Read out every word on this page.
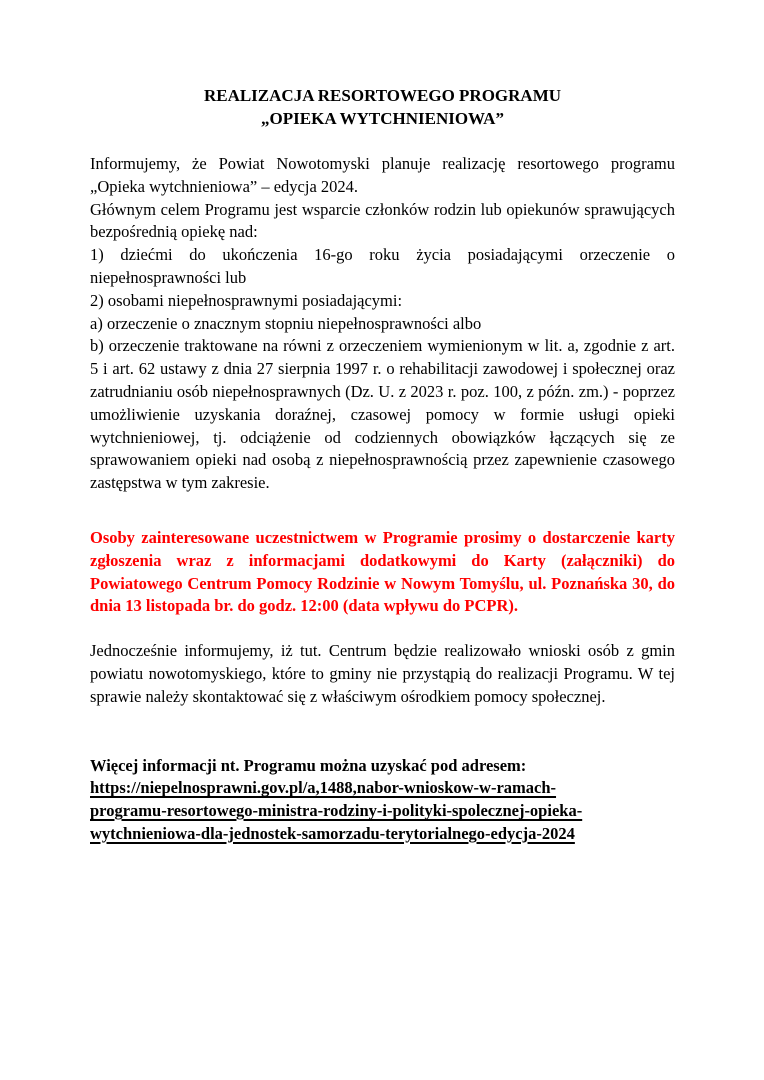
REALIZACJA RESORTOWEGO PROGRAMU
„OPIEKA WYTCHNIENIOWA”

Informujemy, że Powiat Nowotomyski planuje realizację resortowego programu „Opieka wytchnieniowa” – edycja 2024.

Głównym celem Programu jest wsparcie członków rodzin lub opiekunów sprawujących bezpośrednią opiekę nad:

1) dziećmi do ukończenia 16-go roku życia posiadającymi orzeczenie o niepełnosprawności lub

2) osobami niepełnosprawnymi posiadającymi:

a) orzeczenie o znacznym stopniu niepełnosprawności albo

b) orzeczenie traktowane na równi z orzeczeniem wymienionym w lit. a, zgodnie z art. 5 i art. 62 ustawy z dnia 27 sierpnia 1997 r. o rehabilitacji zawodowej i społecznej oraz zatrudnianiu osób niepełnosprawnych (Dz. U. z 2023 r. poz. 100, z późn. zm.) - poprzez umożliwienie uzyskania doraźnej, czasowej pomocy w formie usługi opieki wytchnieniowej, tj. odciążenie od codziennych obowiązków łączących się ze sprawowaniem opieki nad osobą z niepełnosprawnością przez zapewnienie czasowego zastępstwa w tym zakresie.

Osoby zainteresowane uczestnictwem w Programie prosimy o dostarczenie karty zgłoszenia wraz z informacjami dodatkowymi do Karty (załączniki) do Powiatowego Centrum Pomocy Rodzinie w Nowym Tomyślu, ul. Poznańska 30, do dnia 13 listopada br. do godz. 12:00 (data wpływu do PCPR).

Jednocześnie informujemy, iż tut. Centrum będzie realizowało wnioski osób z gmin powiatu nowotomyskiego, które to gminy nie przystąpią do realizacji Programu. W tej sprawie należy skontaktować się z właściwym ośrodkiem pomocy społecznej.

Więcej informacji nt. Programu można uzyskać pod adresem:

https://niepelnosprawni.gov.pl/a,1488,nabor-wnioskow-w-ramach-
programu-resortowego-ministra-rodziny-i-polityki-spolecznej-opieka-
wytchnieniowa-dla-jednostek-samorzadu-terytorialnego-edycja-2024
